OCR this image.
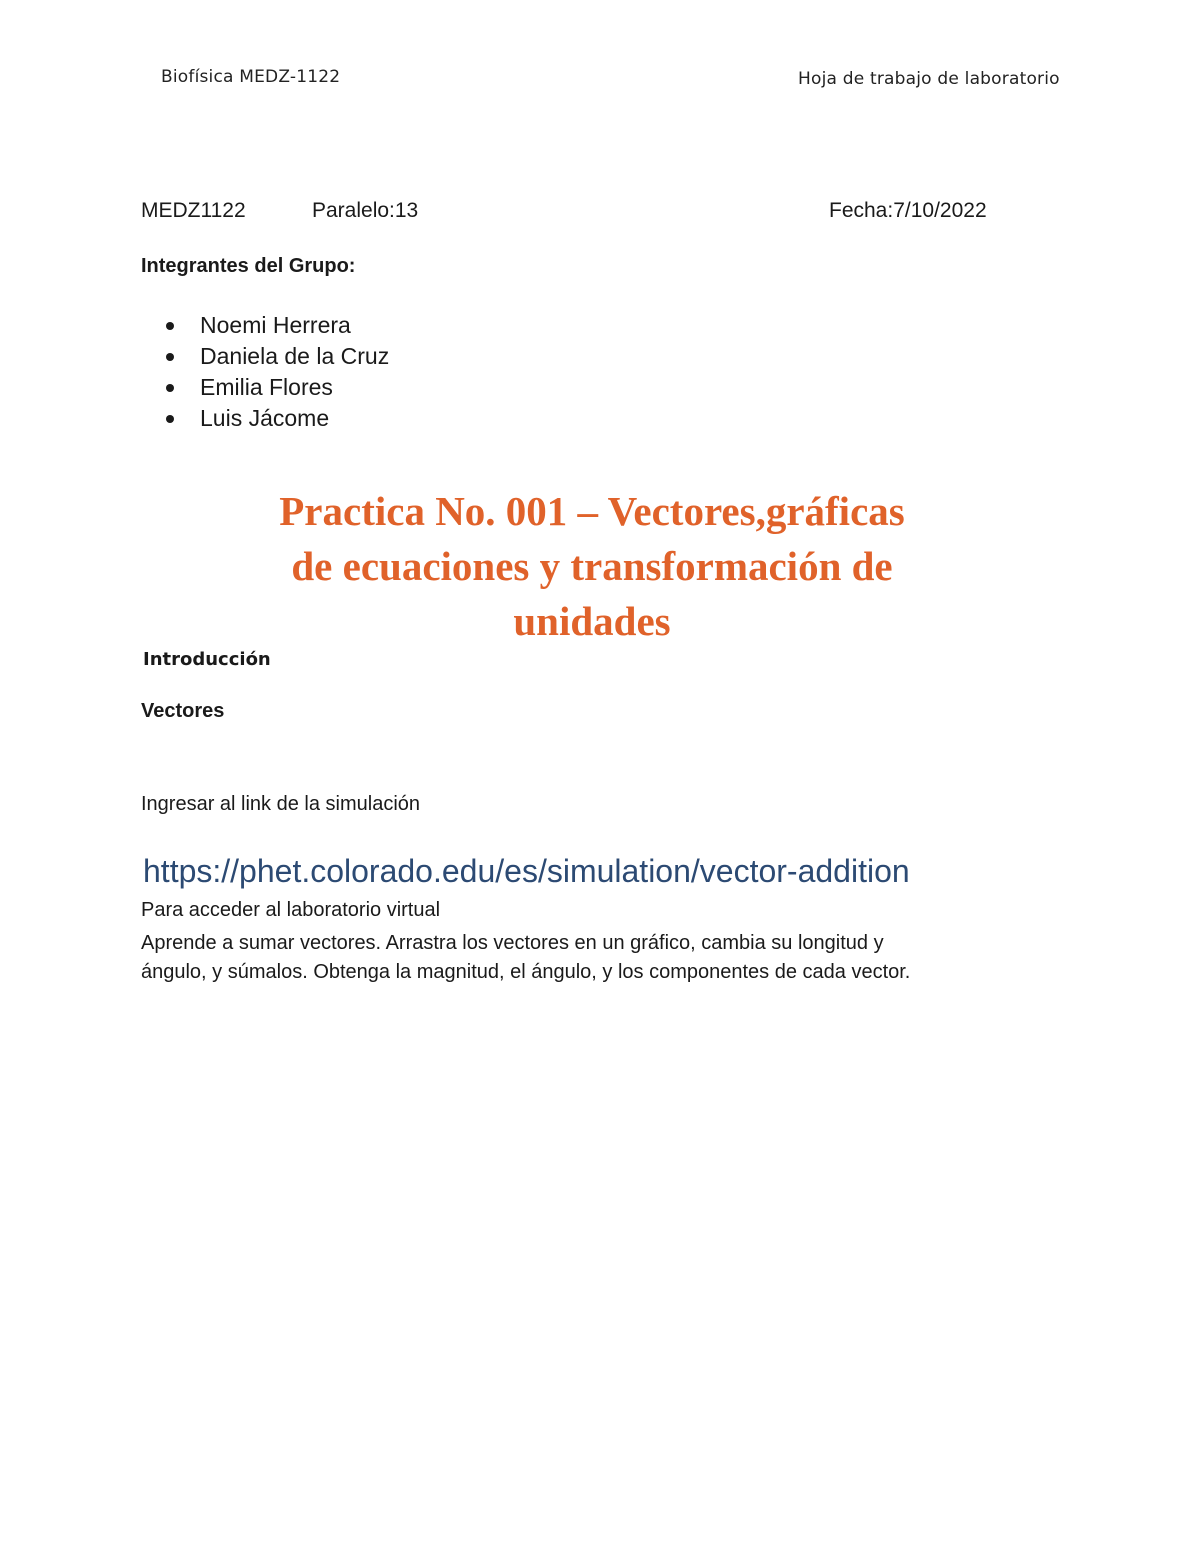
Biofísica MEDZ-1122	Hoja de trabajo de laboratorio
MEDZ1122	Paralelo:13	Fecha:7/10/2022
Integrantes del Grupo:
Noemi Herrera
Daniela de la Cruz
Emilia Flores
Luis Jácome
Practica No. 001 – Vectores,gráficas
de ecuaciones y transformación de
unidades
Introducción
Vectores
Ingresar al link de la simulación
https://phet.colorado.edu/es/simulation/vector-addition
Para acceder al laboratorio virtual
Aprende a sumar vectores. Arrastra los vectores en un gráfico, cambia su longitud y
ángulo, y súmalos. Obtenga la magnitud, el ángulo, y los componentes de cada vector.
